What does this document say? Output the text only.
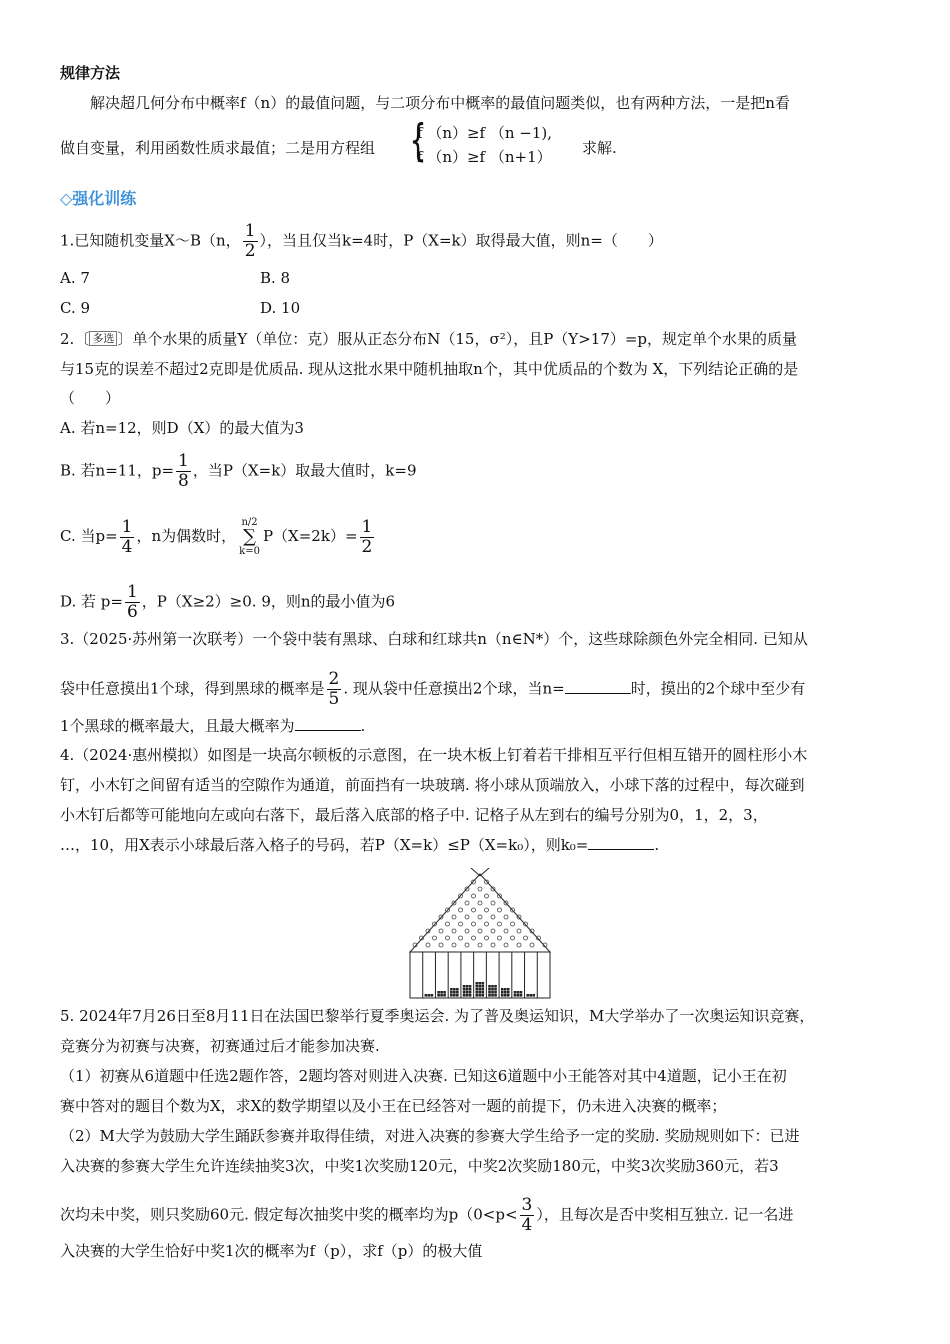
规律方法
解决超几何分布中概率f（n）的最值问题，与二项分布中概率的最值问题类似，也有两种方法，一是把n看
做自变量，利用函数性质求最值；二是用方程组 {
f （n）≥f （n −1),
f （n）≥f （n+1） 求解.
◇强化训练
1.已知随机变量X～B（n， $\frac{1}{2}$ ），当且仅当k=4时，P（X=k）取得最大值，则n=（　　）
A. 7	B. 8
C. 9	D. 10
2.〔 多选 〕单个水果的质量Y（单位：克）服从正态分布N（15，σ²），且P（Y>17）=p，规定单个水果的质量
与15克的误差不超过2克即是优质品. 现从这批水果中随机抽取n个，其中优质品的个数为 X，下列结论正确的是
（　　）
A. 若n=12，则D（X）的最大值为3
B. 若n=11，$p= \frac{1}{8}$ ，当P（X=k）取最大值时，k=9
C. 当$p= \frac{1}{4}$ ，n为偶数时，n/2
∑
$k=0P(X=2k)= \frac{1}{2}$
D. 若 $p= \frac{1}{6}$ ，P（X≥2）≥0. 9，则n的最小值为6
3.（2025·苏州第一次联考）一个袋中装有黑球、白球和红球共n（n∈N*）个，这些球除颜色外完全相同. 已知从
袋中任意摸出1个球，得到黑球的概率是 $\frac{2}{5}$ . 现从袋中任意摸出2个球，当n=	时，摸出的2个球中至少有
1个黑球的概率最大，且最大概率为	.
4.（2024·惠州模拟）如图是一块高尔顿板的示意图，在一块木板上钉着若干排相互平行但相互错开的圆柱形小木
钉，小木钉之间留有适当的空隙作为通道，前面挡有一块玻璃. 将小球从顶端放入，小球下落的过程中，每次碰到
小木钉后都等可能地向左或向右落下，最后落入底部的格子中. 记格子从左到右的编号分别为0，1，2，3，
…，10，用X表示小球最后落入格子的号码，若P（X=k）≤P（X=k₀），则k₀=	.
5. 2024年7月26日至8月11日在法国巴黎举行夏季奥运会. 为了普及奥运知识，M大学举办了一次奥运知识竞赛，
竞赛分为初赛与决赛，初赛通过后才能参加决赛.
（1）初赛从6道题中任选2题作答，2题均答对则进入决赛. 已知这6道题中小王能答对其中4道题，记小王在初
赛中答对的题目个数为X，求X的数学期望以及小王在已经答对一题的前提下，仍未进入决赛的概率；
（2）M大学为鼓励大学生踊跃参赛并取得佳绩，对进入决赛的参赛大学生给予一定的奖励. 奖励规则如下：已进
入决赛的参赛大学生允许连续抽奖3次，中奖1次奖励120元，中奖2次奖励180元，中奖3次奖励360元，若3
次均未中奖，则只奖励60元. 假定每次抽奖中奖的概率均为$p(0<p< \frac{3}{4}$ ），且每次是否中奖相互独立. 记一名进
入决赛的大学生恰好中奖1次的概率为f（p），求f（p）的极大值
